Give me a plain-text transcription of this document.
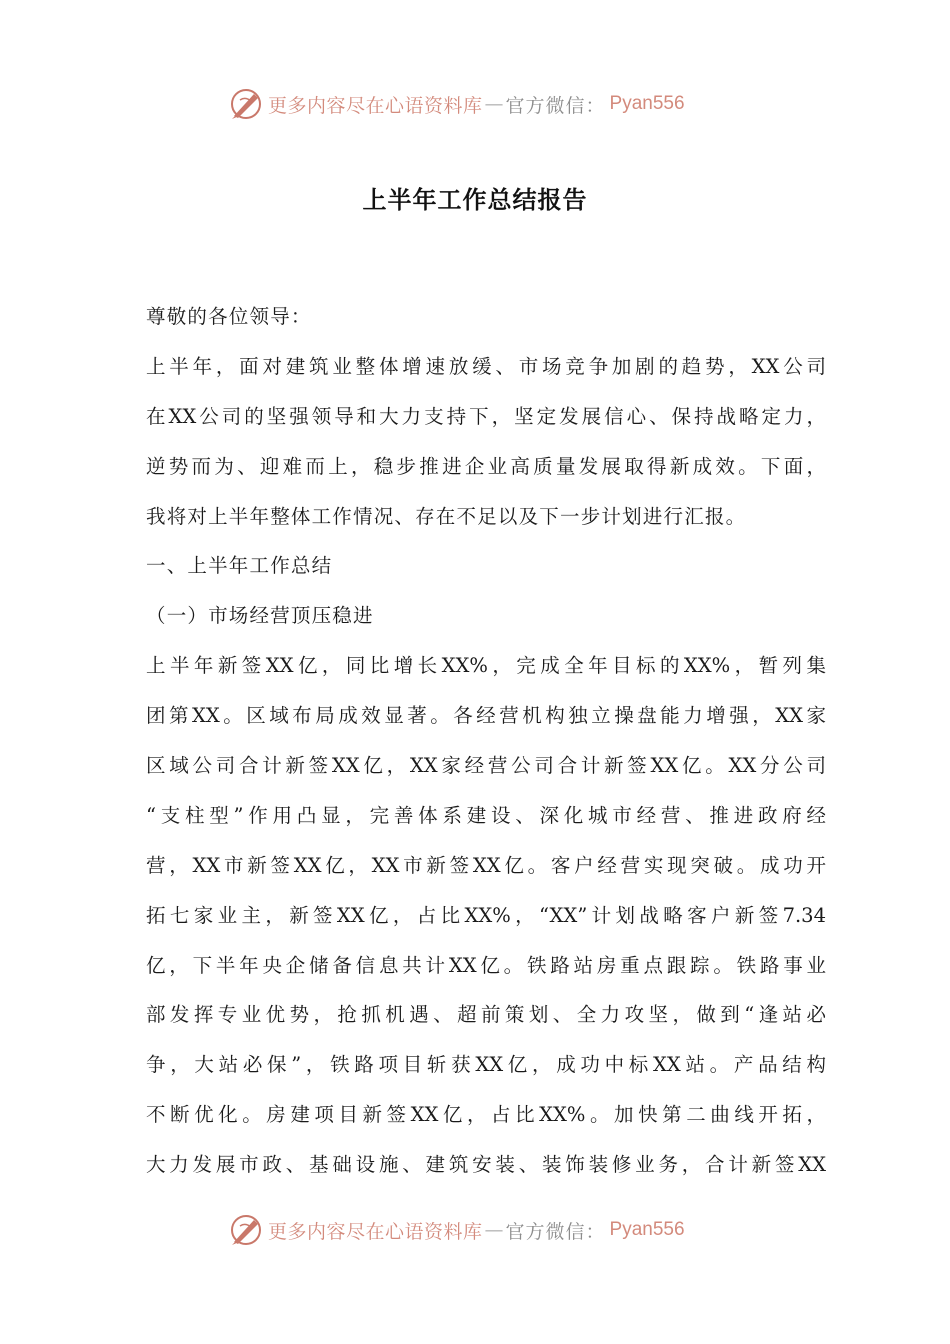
更多内容尽在心语资料库 — 官方微信： Pyan556
上半年工作总结报告
尊敬的各位领导：
上半年，面对建筑业整体增速放缓、市场竞争加剧的趋势，XX公司
在XX公司的坚强领导和大力支持下，坚定发展信心、保持战略定力，
逆势而为、迎难而上，稳步推进企业高质量发展取得新成效。下面，
我将对上半年整体工作情况、存在不足以及下一步计划进行汇报。
一、上半年工作总结
（一）市场经营顶压稳进
上半年新签XX亿，同比增长XX%，完成全年目标的XX%，暂列集
团第XX。区域布局成效显著。各经营机构独立操盘能力增强，XX家
区域公司合计新签XX亿，XX家经营公司合计新签XX亿。XX分公司
“支柱型”作用凸显，完善体系建设、深化城市经营、推进政府经
营，XX市新签XX亿，XX市新签XX亿。客户经营实现突破。成功开
拓七家业主，新签XX亿，占比XX%，“XX”计划战略客户新签7.34
亿，下半年央企储备信息共计XX亿。铁路站房重点跟踪。铁路事业
部发挥专业优势，抢抓机遇、超前策划、全力攻坚，做到“逢站必
争，大站必保”，铁路项目斩获XX亿，成功中标XX站。产品结构
不断优化。房建项目新签XX亿，占比XX%。加快第二曲线开拓，
大力发展市政、基础设施、建筑安装、装饰装修业务，合计新签XX
更多内容尽在心语资料库 — 官方微信： Pyan556
